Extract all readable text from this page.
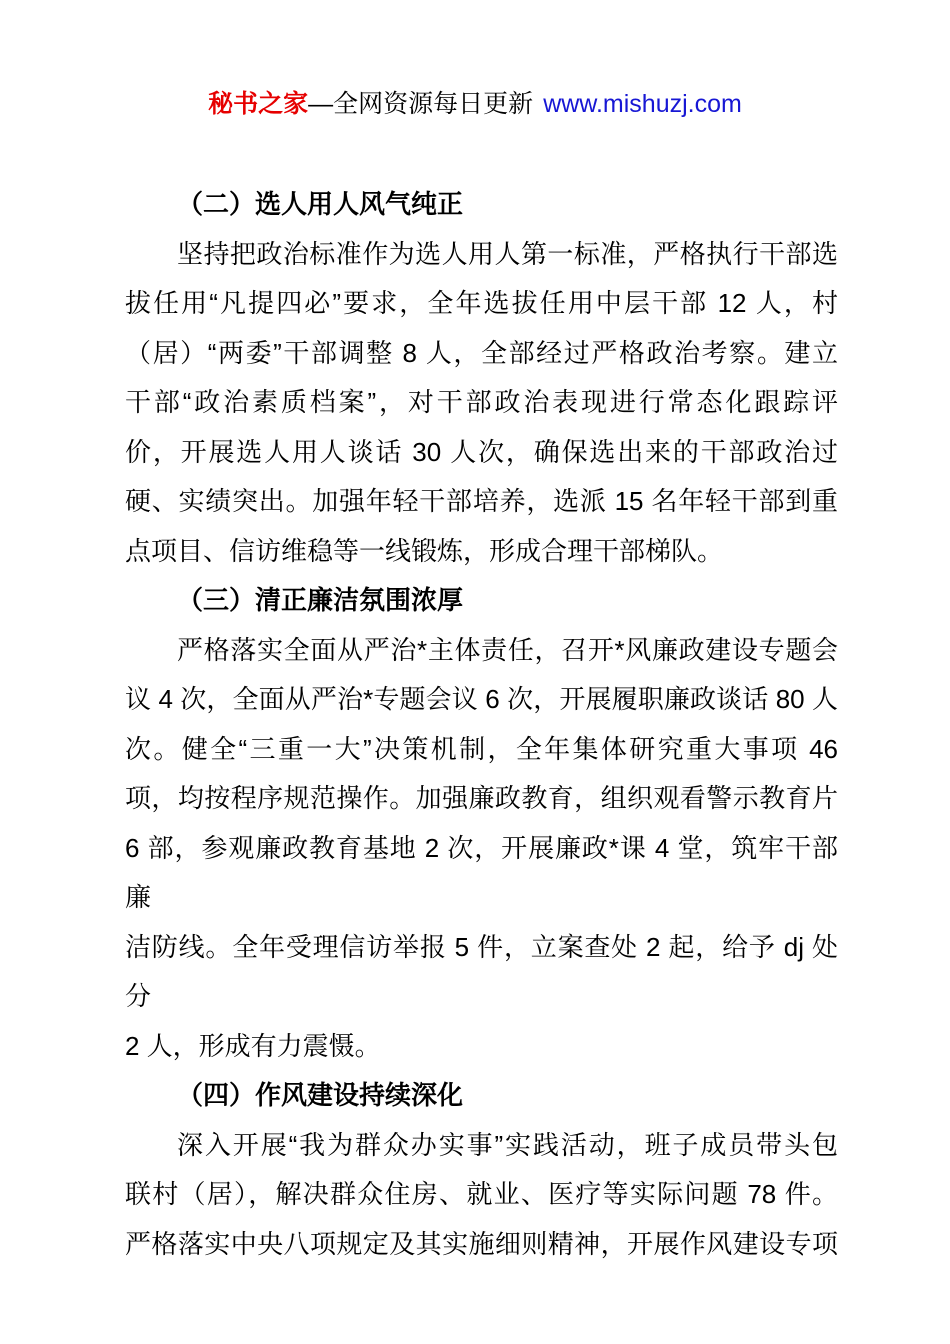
秘书之家—全网资源每日更新 www.mishuzj.com
（二）选人用人风气纯正
坚持把政治标准作为选人用人第一标准，严格执行干部选
拔任用“凡提四必”要求，全年选拔任用中层干部 12 人，村
（居）“两委”干部调整 8 人，全部经过严格政治考察。建立
干部“政治素质档案”，对干部政治表现进行常态化跟踪评
价，开展选人用人谈话 30 人次，确保选出来的干部政治过
硬、实绩突出。加强年轻干部培养，选派 15 名年轻干部到重
点项目、信访维稳等一线锻炼，形成合理干部梯队。
（三）清正廉洁氛围浓厚
严格落实全面从严治*主体责任，召开*风廉政建设专题会
议 4 次，全面从严治*专题会议 6 次，开展履职廉政谈话 80 人
次。健全“三重一大”决策机制，全年集体研究重大事项 46
项，均按程序规范操作。加强廉政教育，组织观看警示教育片
6 部，参观廉政教育基地 2 次，开展廉政*课 4 堂，筑牢干部廉
洁防线。全年受理信访举报 5 件，立案查处 2 起，给予 dj 处分
2 人，形成有力震慑。
（四）作风建设持续深化
深入开展“我为群众办实事”实践活动，班子成员带头包
联村（居），解决群众住房、就业、医疗等实际问题 78 件。
严格落实中央八项规定及其实施细则精神，开展作风建设专项
